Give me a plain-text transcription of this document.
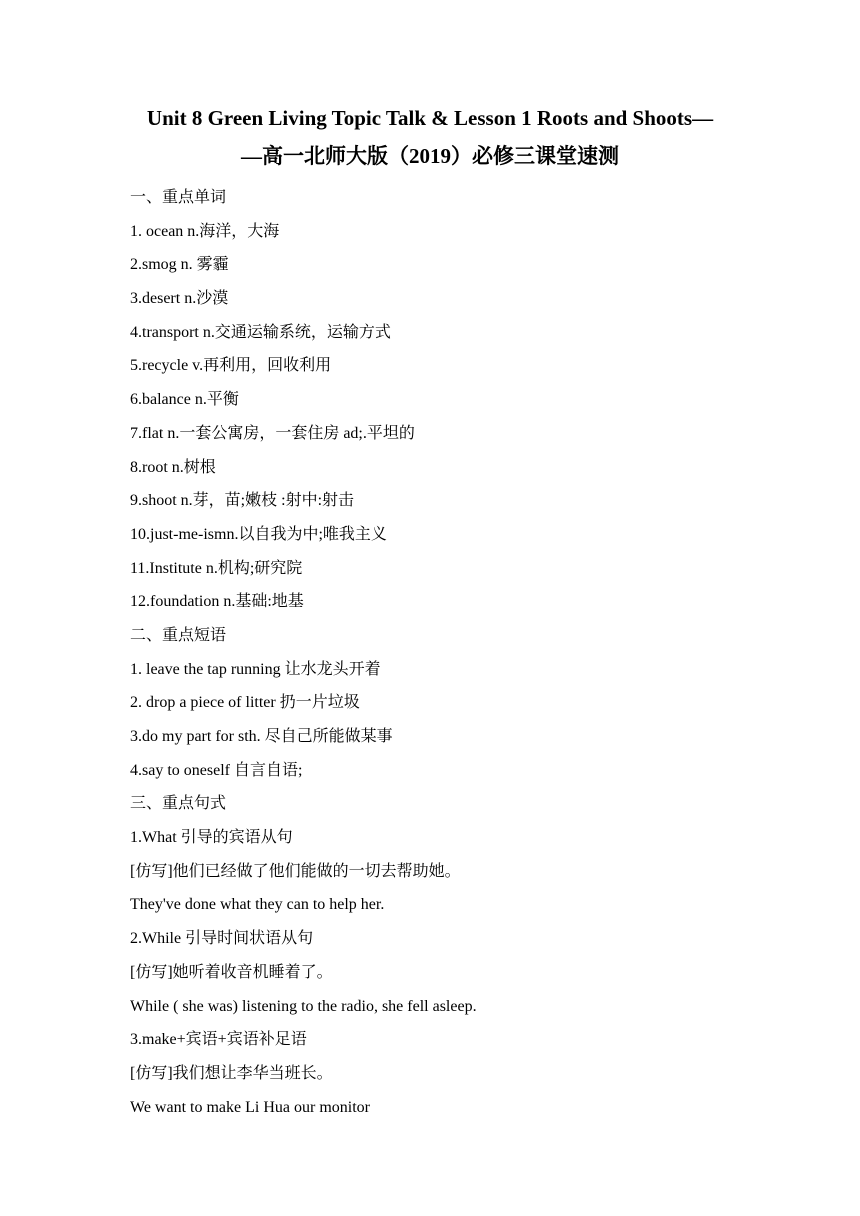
Unit 8 Green Living Topic Talk & Lesson 1 Roots and Shoots—
—高一北师大版（2019）必修三课堂速测
一、重点单词
1. ocean n.海洋，大海
2.smog n. 雾霾
3.desert n.沙漠
4.transport n.交通运输系统，运输方式
5.recycle v.再利用，回收利用
6.balance n.平衡
7.flat n.一套公寓房，一套住房 ad;.平坦的
8.root n.树根
9.shoot n.芽，苗;嫩枝 :射中:射击
10.just-me-ismn.以自我为中;唯我主义
11.Institute n.机构;研究院
12.foundation n.基础:地基
二、重点短语
1. leave the tap running 让水龙头开着
2. drop a piece of litter 扔一片垃圾
3.do my part for sth. 尽自己所能做某事
4.say to oneself 自言自语;
三、重点句式
1.What 引导的宾语从句
[仿写]他们已经做了他们能做的一切去帮助她。
They've done what they can to help her.
2.While 引导时间状语从句
[仿写]她听着收音机睡着了。
While ( she was) listening to the radio, she fell asleep.
3.make+宾语+宾语补足语
[仿写]我们想让李华当班长。
We want to make Li Hua our monitor
